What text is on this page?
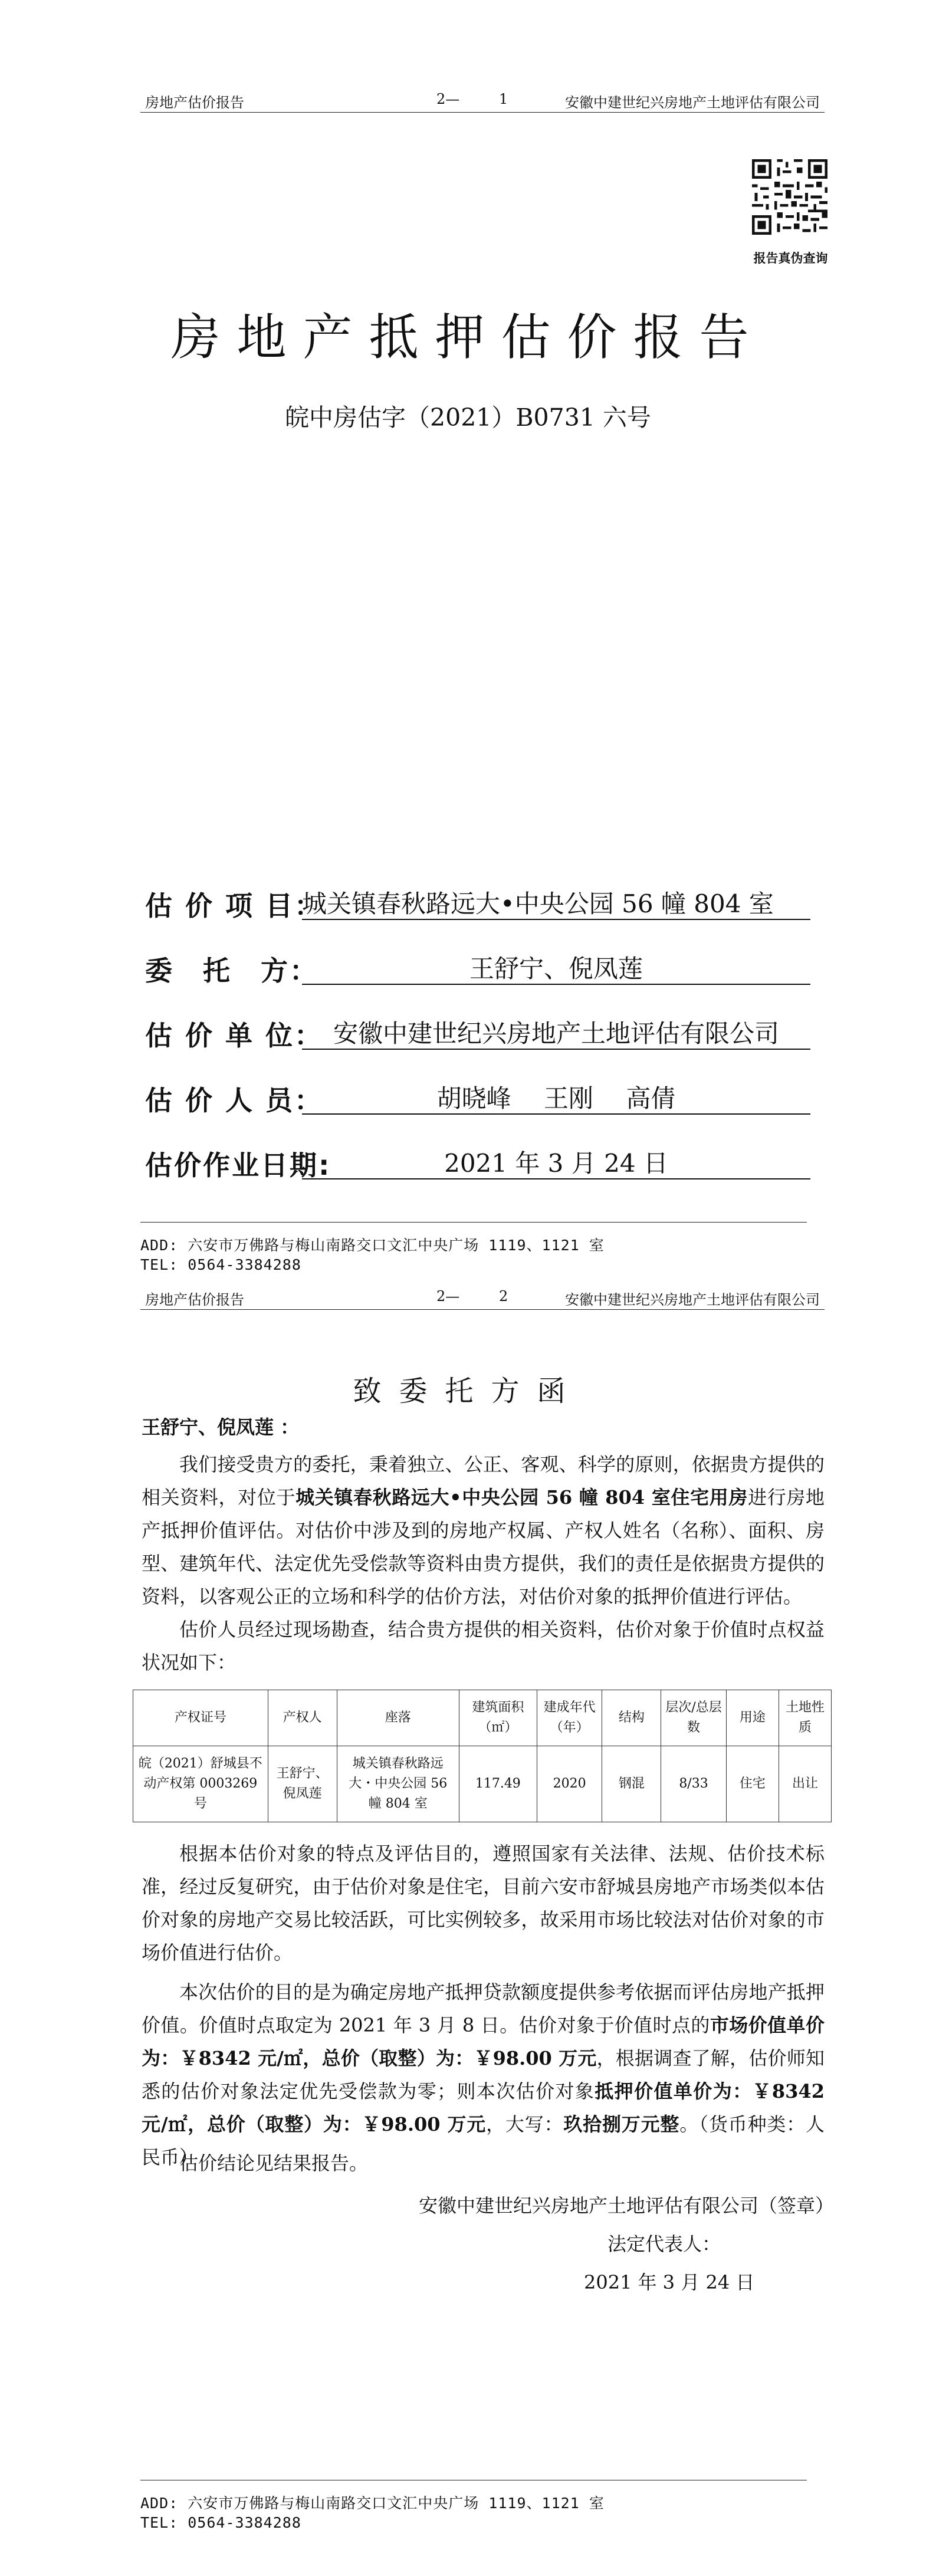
房地产估价报告	2—	1	安徽中建世纪兴房地产土地评估有限公司
报告真伪查询
房地产抵押估价报告
皖中房估字（2021）B0731 六号
估 价 项 目：
城关镇春秋路远大•中央公园 56 幢 804 室
委　托　方：	王舒宁、倪凤莲
估 价 单 位： 安徽中建世纪兴房地产土地评估有限公司
估 价 人 员：	胡晓峰　 王刚　 高倩
估价作业日期:	2021 年 3 月 24 日
ADD: 六安市万佛路与梅山南路交口文汇中央广场 1119、1121 室
TEL: 0564-3384288
房地产估价报告	2—	2	安徽中建世纪兴房地产土地评估有限公司
致委托方函
王舒宁、倪凤莲 ：
我们接受贵方的委托，秉着独立、公正、客观、科学的原则，依据贵方提供的相关资料，对位于城关镇春秋路远大•中央公园 56 幢 804 室住宅用房进行房地产抵押价值评估。对估价中涉及到的房地产权属、产权人姓名（名称）、面积、房型、建筑年代、法定优先受偿款等资料由贵方提供，我们的责任是依据贵方提供的资料，以客观公正的立场和科学的估价方法，对估价对象的抵押价值进行评估。
估价人员经过现场勘查，结合贵方提供的相关资料，估价对象于价值时点权益状况如下：
产权证号	产权人	座落	建筑面积（㎡）	建成年代（年）	结构	层次/总层数	用途	土地性质
皖（2021）舒城县不动产权第 0003269 号	王舒宁、倪凤莲	城关镇春秋路远大・中央公园 56 幢 804 室	117.49	2020	钢混	8/33	住宅	出让
根据本估价对象的特点及评估目的，遵照国家有关法律、法规、估价技术标准，经过反复研究，由于估价对象是住宅，目前六安市舒城县房地产市场类似本估价对象的房地产交易比较活跃，可比实例较多，故采用市场比较法对估价对象的市场价值进行估价。
本次估价的目的是为确定房地产抵押贷款额度提供参考依据而评估房地产抵押价值。价值时点取定为 2021 年 3 月 8 日。估价对象于价值时点的市场价值单价为：￥8342 元/㎡，总价（取整）为：￥98.00 万元，根据调查了解，估价师知悉的估价对象法定优先受偿款为零；则本次估价对象抵押价值单价为：￥8342 元/㎡，总价（取整）为：￥98.00 万元，大写：玖拾捌万元整。（货币种类：人民币）
估价结论见结果报告。
安徽中建世纪兴房地产土地评估有限公司（签章）
法定代表人：
2021 年 3 月 24 日
ADD: 六安市万佛路与梅山南路交口文汇中央广场 1119、1121 室
TEL: 0564-3384288
